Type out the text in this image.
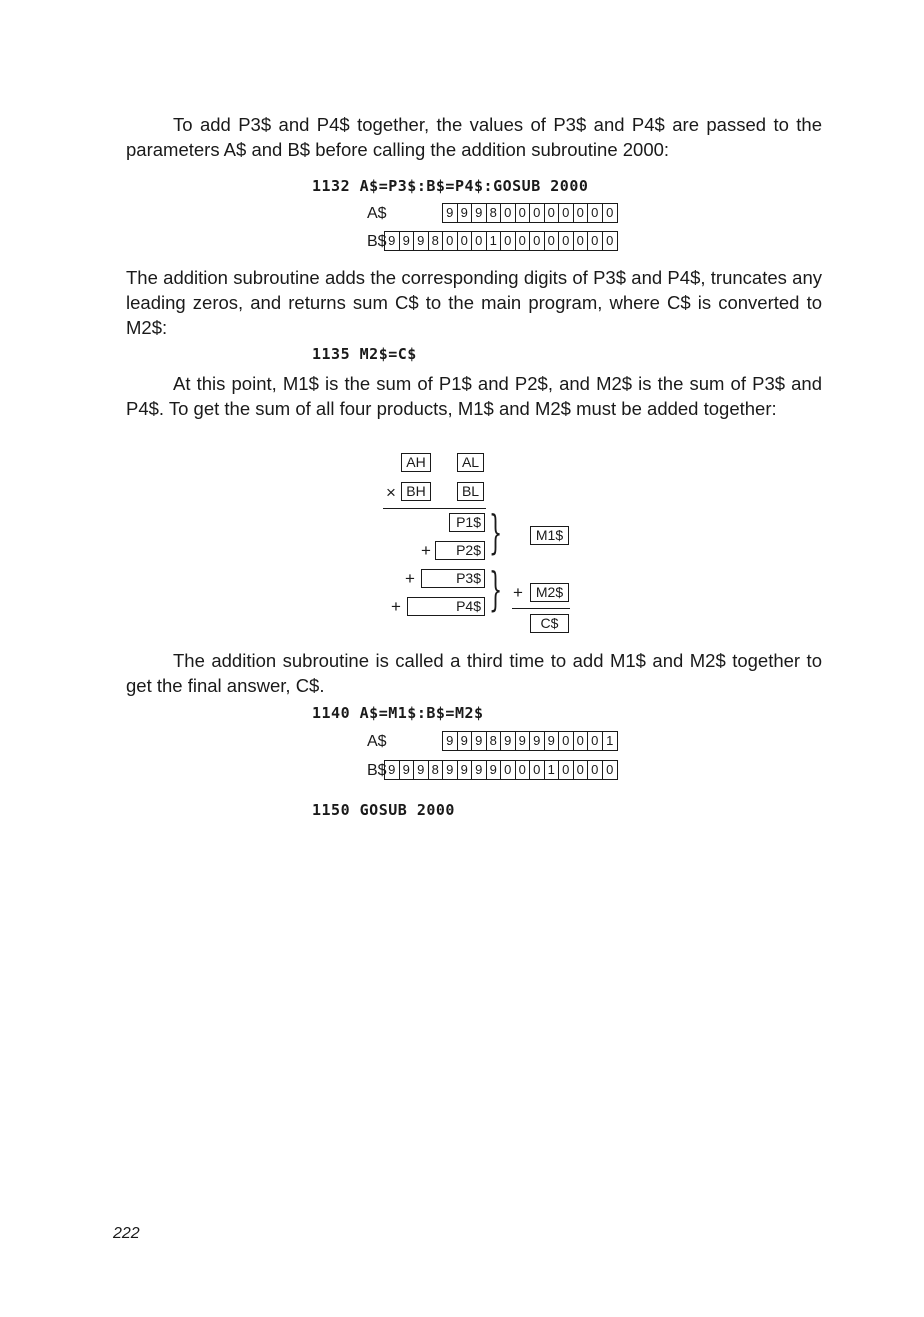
To add P3$ and P4$ together, the values of P3$ and P4$ are passed to the parameters A$ and B$ before calling the addition subroutine 2000:

1132 A$=P3$:B$=P4$:GOSUB 2000
A$	9 9 9 8 0 0 0 0 0 0 0 0
B$ 9 9 9 8 0 0 0 1 0 0 0 0 0 0 0 0

The addition subroutine adds the corresponding digits of P3$ and P4$, truncates any leading zeros, and returns sum C$ to the main program, where C$ is converted to M2$:

1135 M2$=C$

At this point, M1$ is the sum of P1$ and P2$, and M2$ is the sum of P3$ and P4$. To get the sum of all four products, M1$ and M2$ must be added together:

AH	AL
× BH	BL
P1$
+	P2$ }	M1$
+	P3$
+	P4$ } + M2$
C$

The addition subroutine is called a third time to add M1$ and M2$ together to get the final answer, C$.

1140 A$=M1$:B$=M2$
A$	9 9 9 8 9 9 9 9 0 0 0 1
B$ 9 9 9 8 9 9 9 9 0 0 0 1 0 0 0 0
1150 GOSUB 2000
222
